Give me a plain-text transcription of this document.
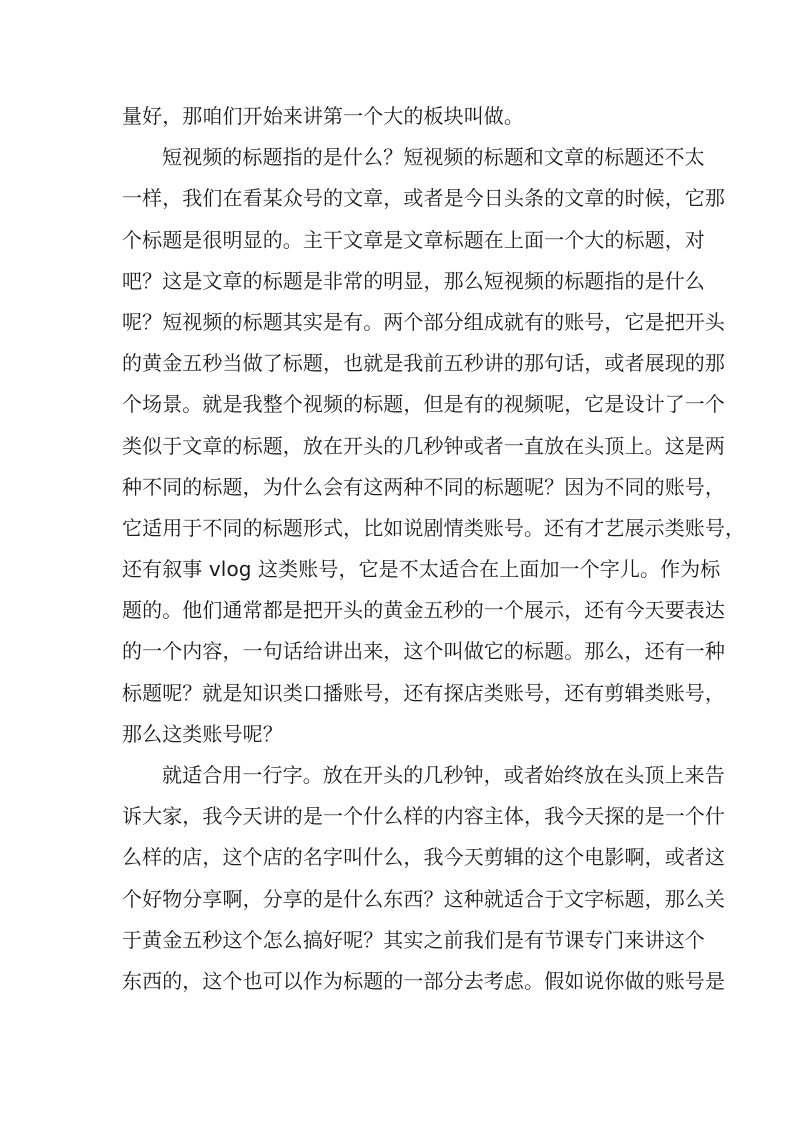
量好，那咱们开始来讲第一个大的板块叫做。
短视频的标题指的是什么？短视频的标题和文章的标题还不太
一样，我们在看某众号的文章，或者是今日头条的文章的时候，它那
个标题是很明显的。主干文章是文章标题在上面一个大的标题，对
吧？这是文章的标题是非常的明显，那么短视频的标题指的是什么
呢？短视频的标题其实是有。两个部分组成就有的账号，它是把开头
的黄金五秒当做了标题，也就是我前五秒讲的那句话，或者展现的那
个场景。就是我整个视频的标题，但是有的视频呢，它是设计了一个
类似于文章的标题，放在开头的几秒钟或者一直放在头顶上。这是两
种不同的标题，为什么会有这两种不同的标题呢？因为不同的账号，
它适用于不同的标题形式，比如说剧情类账号。还有才艺展示类账号，
还有叙事 vlog 这类账号，它是不太适合在上面加一个字儿。作为标
题的。他们通常都是把开头的黄金五秒的一个展示，还有今天要表达
的一个内容，一句话给讲出来，这个叫做它的标题。那么，还有一种
标题呢？就是知识类口播账号，还有探店类账号，还有剪辑类账号，
那么这类账号呢？
就适合用一行字。放在开头的几秒钟，或者始终放在头顶上来告
诉大家，我今天讲的是一个什么样的内容主体，我今天探的是一个什
么样的店，这个店的名字叫什么，我今天剪辑的这个电影啊，或者这
个好物分享啊，分享的是什么东西？这种就适合于文字标题，那么关
于黄金五秒这个怎么搞好呢？其实之前我们是有节课专门来讲这个
东西的，这个也可以作为标题的一部分去考虑。假如说你做的账号是
